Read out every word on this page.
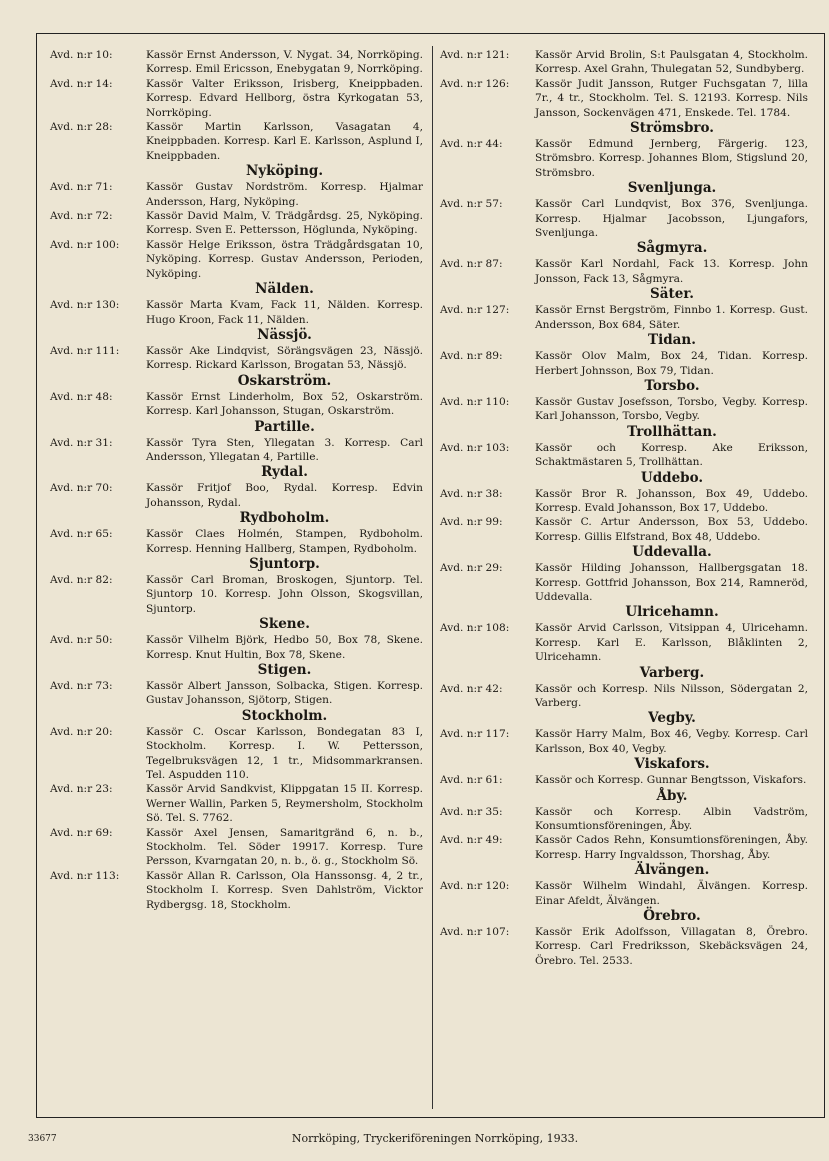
Avd. n:r 10:	Kassör Ernst Andersson, V. Nygat. 34, Norrköping. Korresp. Emil Ericsson, Enebygatan 9, Norrköping.
Avd. n:r 14:	Kassör Valter Eriksson, Irisberg, Kneippbaden. Korresp. Edvard Hellborg, östra Kyrkogatan 53, Norrköping.
Avd. n:r 28:	Kassör Martin Karlsson, Vasagatan 4, Kneippbaden. Korresp. Karl E. Karlsson, Asplund I, Kneippbaden.
Nyköping.
Avd. n:r 71:	Kassör Gustav Nordström. Korresp. Hjalmar Andersson, Harg, Nyköping.
Avd. n:r 72:	Kassör David Malm, V. Trädgårdsg. 25, Nyköping. Korresp. Sven E. Pettersson, Höglunda, Nyköping.
Avd. n:r 100:	Kassör Helge Eriksson, östra Trädgårdsgatan 10, Nyköping. Korresp. Gustav Andersson, Perioden, Nyköping.
Nälden.
Avd. n:r 130:	Kassör Marta Kvam, Fack 11, Nälden. Korresp. Hugo Kroon, Fack 11, Nälden.
Nässjö.
Avd. n:r 111:	Kassör Ake Lindqvist, Sörängsvägen 23, Nässjö. Korresp. Rickard Karlsson, Brogatan 53, Nässjö.
Oskarström.
Avd. n:r 48:	Kassör Ernst Linderholm, Box 52, Oskarström. Korresp. Karl Johansson, Stugan, Oskarström.
Partille.
Avd. n:r 31:	Kassör Tyra Sten, Yllegatan 3. Korresp. Carl Andersson, Yllegatan 4, Partille.
Rydal.
Avd. n:r 70:	Kassör Fritjof Boo, Rydal. Korresp. Edvin Johansson, Rydal.
Rydboholm.
Avd. n:r 65:	Kassör Claes Holmén, Stampen, Rydboholm. Korresp. Henning Hallberg, Stampen, Rydboholm.
Sjuntorp.
Avd. n:r 82:	Kassör Carl Broman, Broskogen, Sjuntorp. Tel. Sjuntorp 10. Korresp. John Olsson, Skogsvillan, Sjuntorp.
Skene.
Avd. n:r 50:	Kassör Vilhelm Björk, Hedbo 50, Box 78, Skene. Korresp. Knut Hultin, Box 78, Skene.
Stigen.
Avd. n:r 73:	Kassör Albert Jansson, Solbacka, Stigen. Korresp. Gustav Johansson, Sjötorp, Stigen.
Stockholm.
Avd. n:r 20:	Kassör C. Oscar Karlsson, Bondegatan 83 I, Stockholm. Korresp. I. W. Pettersson, Tegelbruksvägen 12, 1 tr., Midsommarkransen. Tel. Aspudden 110.
Avd. n:r 23:	Kassör Arvid Sandkvist, Klippgatan 15 II. Korresp. Werner Wallin, Parken 5, Reymersholm, Stockholm Sö. Tel. S. 7762.
Avd. n:r 69:	Kassör Axel Jensen, Samaritgränd 6, n. b., Stockholm. Tel. Söder 19917. Korresp. Ture Persson, Kvarngatan 20, n. b., ö. g., Stockholm Sö.
Avd. n:r 113:	Kassör Allan R. Carlsson, Ola Hanssonsg. 4, 2 tr., Stockholm I. Korresp. Sven Dahlström, Vicktor Rydbergsg. 18, Stockholm.
Avd. n:r 121:	Kassör Arvid Brolin, S:t Paulsgatan 4, Stockholm. Korresp. Axel Grahn, Thulegatan 52, Sundbyberg.
Avd. n:r 126:	Kassör Judit Jansson, Rutger Fuchsgatan 7, lilla 7r., 4 tr., Stockholm. Tel. S. 12193. Korresp. Nils Jansson, Sockenvägen 471, Enskede. Tel. 1784.
Strömsbro.
Avd. n:r 44:	Kassör Edmund Jernberg, Färgerig. 123, Strömsbro. Korresp. Johannes Blom, Stigslund 20, Strömsbro.
Svenljunga.
Avd. n:r 57:	Kassör Carl Lundqvist, Box 376, Svenljunga. Korresp. Hjalmar Jacobsson, Ljungafors, Svenljunga.
Sågmyra.
Avd. n:r 87:	Kassör Karl Nordahl, Fack 13. Korresp. John Jonsson, Fack 13, Sågmyra.
Säter.
Avd. n:r 127:	Kassör Ernst Bergström, Finnbo 1. Korresp. Gust. Andersson, Box 684, Säter.
Tidan.
Avd. n:r 89:	Kassör Olov Malm, Box 24, Tidan. Korresp. Herbert Johnsson, Box 79, Tidan.
Torsbo.
Avd. n:r 110:	Kassör Gustav Josefsson, Torsbo, Vegby. Korresp. Karl Johansson, Torsbo, Vegby.
Trollhättan.
Avd. n:r 103:	Kassör och Korresp. Ake Eriksson, Schaktmästaren 5, Trollhättan.
Uddebo.
Avd. n:r 38:	Kassör Bror R. Johansson, Box 49, Uddebo. Korresp. Evald Johansson, Box 17, Uddebo.
Avd. n:r 99:	Kassör C. Artur Andersson, Box 53, Uddebo. Korresp. Gillis Elfstrand, Box 48, Uddebo.
Uddevalla.
Avd. n:r 29:	Kassör Hilding Johansson, Hallbergsgatan 18. Korresp. Gottfrid Johansson, Box 214, Ramneröd, Uddevalla.
Ulricehamn.
Avd. n:r 108:	Kassör Arvid Carlsson, Vitsippan 4, Ulricehamn. Korresp. Karl E. Karlsson, Blåklinten 2, Ulricehamn.
Varberg.
Avd. n:r 42:	Kassör och Korresp. Nils Nilsson, Södergatan 2, Varberg.
Vegby.
Avd. n:r 117:	Kassör Harry Malm, Box 46, Vegby. Korresp. Carl Karlsson, Box 40, Vegby.
Viskafors.
Avd. n:r 61:	Kassör och Korresp. Gunnar Bengtsson, Viskafors.
Åby.
Avd. n:r 35:	Kassör och Korresp. Albin Vadström, Konsumtionsföreningen, Åby.
Avd. n:r 49:	Kassör Cados Rehn, Konsumtionsföreningen, Åby. Korresp. Harry Ingvaldsson, Thorshag, Åby.
Älvängen.
Avd. n:r 120:	Kassör Wilhelm Windahl, Älvängen. Korresp. Einar Afeldt, Älvängen.
Örebro.
Avd. n:r 107:	Kassör Erik Adolfsson, Villagatan 8, Örebro. Korresp. Carl Fredriksson, Skebäcksvägen 24, Örebro. Tel. 2533.
33677	Norrköping, Tryckeriföreningen Norrköping, 1933.
